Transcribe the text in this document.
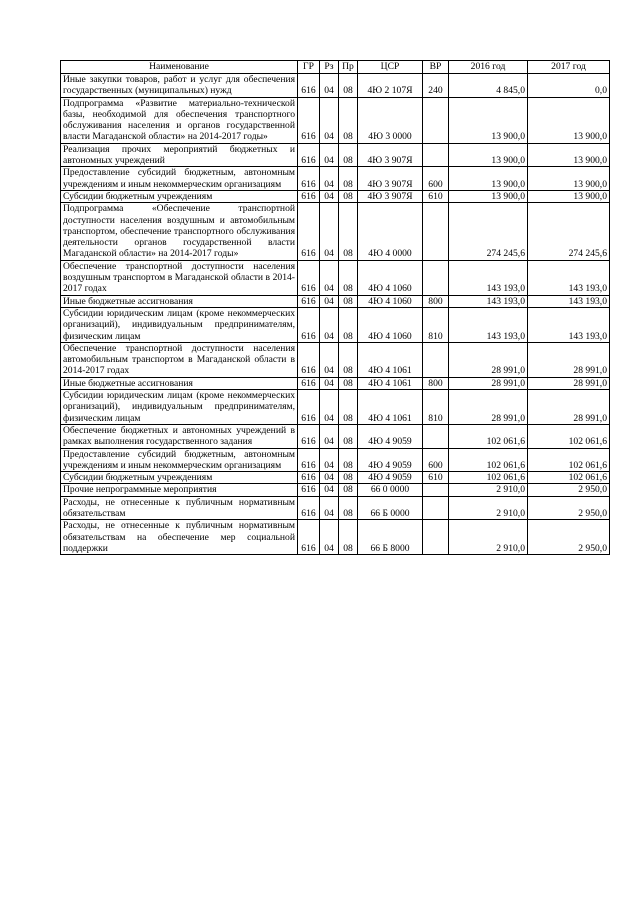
Наименование	ГР	Рз	Пр	ЦСР	ВР	2016 год	2017 год
Иные закупки товаров, работ и услуг для обеспечения государственных (муниципальных) нужд	616	04	08	4Ю 2 107Я	240	4 845,0	0,0
Подпрограмма «Развитие материально-технической базы, необходимой для обеспечения транспортного обслуживания населения и органов государственной власти Магаданской области» на 2014-2017 годы»	616	04	08	4Ю 3 0000		13 900,0	13 900,0
Реализация прочих мероприятий бюджетных и автономных учреждений	616	04	08	4Ю 3 907Я		13 900,0	13 900,0
Предоставление субсидий бюджетным, автономным учреждениям и иным некоммерческим организациям	616	04	08	4Ю 3 907Я	600	13 900,0	13 900,0
Субсидии бюджетным учреждениям	616	04	08	4Ю 3 907Я	610	13 900,0	13 900,0
Подпрограмма «Обеспечение транспортной доступности населения воздушным и автомобильным транспортом, обеспечение транспортного обслуживания деятельности органов государственной власти Магаданской области» на 2014-2017 годы»	616	04	08	4Ю 4 0000		274 245,6	274 245,6
Обеспечение транспортной доступности населения воздушным транспортом в Магаданской области в 2014- 2017 годах	616	04	08	4Ю 4 1060		143 193,0	143 193,0
Иные бюджетные ассигнования	616	04	08	4Ю 4 1060	800	143 193,0	143 193,0
Субсидии юридическим лицам (кроме некоммерческих организаций), индивидуальным предпринимателям, физическим лицам	616	04	08	4Ю 4 1060	810	143 193,0	143 193,0
Обеспечение транспортной доступности населения автомобильным транспортом в Магаданской области в 2014-2017 годах	616	04	08	4Ю 4 1061		28 991,0	28 991,0
Иные бюджетные ассигнования	616	04	08	4Ю 4 1061	800	28 991,0	28 991,0
Субсидии юридическим лицам (кроме некоммерческих организаций), индивидуальным предпринимателям, физическим лицам	616	04	08	4Ю 4 1061	810	28 991,0	28 991,0
Обеспечение бюджетных и автономных учреждений в рамках выполнения государственного задания	616	04	08	4Ю 4 9059		102 061,6	102 061,6
Предоставление субсидий бюджетным, автономным учреждениям и иным некоммерческим организациям	616	04	08	4Ю 4 9059	600	102 061,6	102 061,6
Субсидии бюджетным учреждениям	616	04	08	4Ю 4 9059	610	102 061,6	102 061,6
Прочие непрограммные мероприятия	616	04	08	66 0 0000		2 910,0	2 950,0
Расходы, не отнесенные к публичным нормативным обязательствам	616	04	08	66 Б 0000		2 910,0	2 950,0
Расходы, не отнесенные к публичным нормативным обязательствам на обеспечение мер социальной поддержки	616	04	08	66 Б 8000		2 910,0	2 950,0
